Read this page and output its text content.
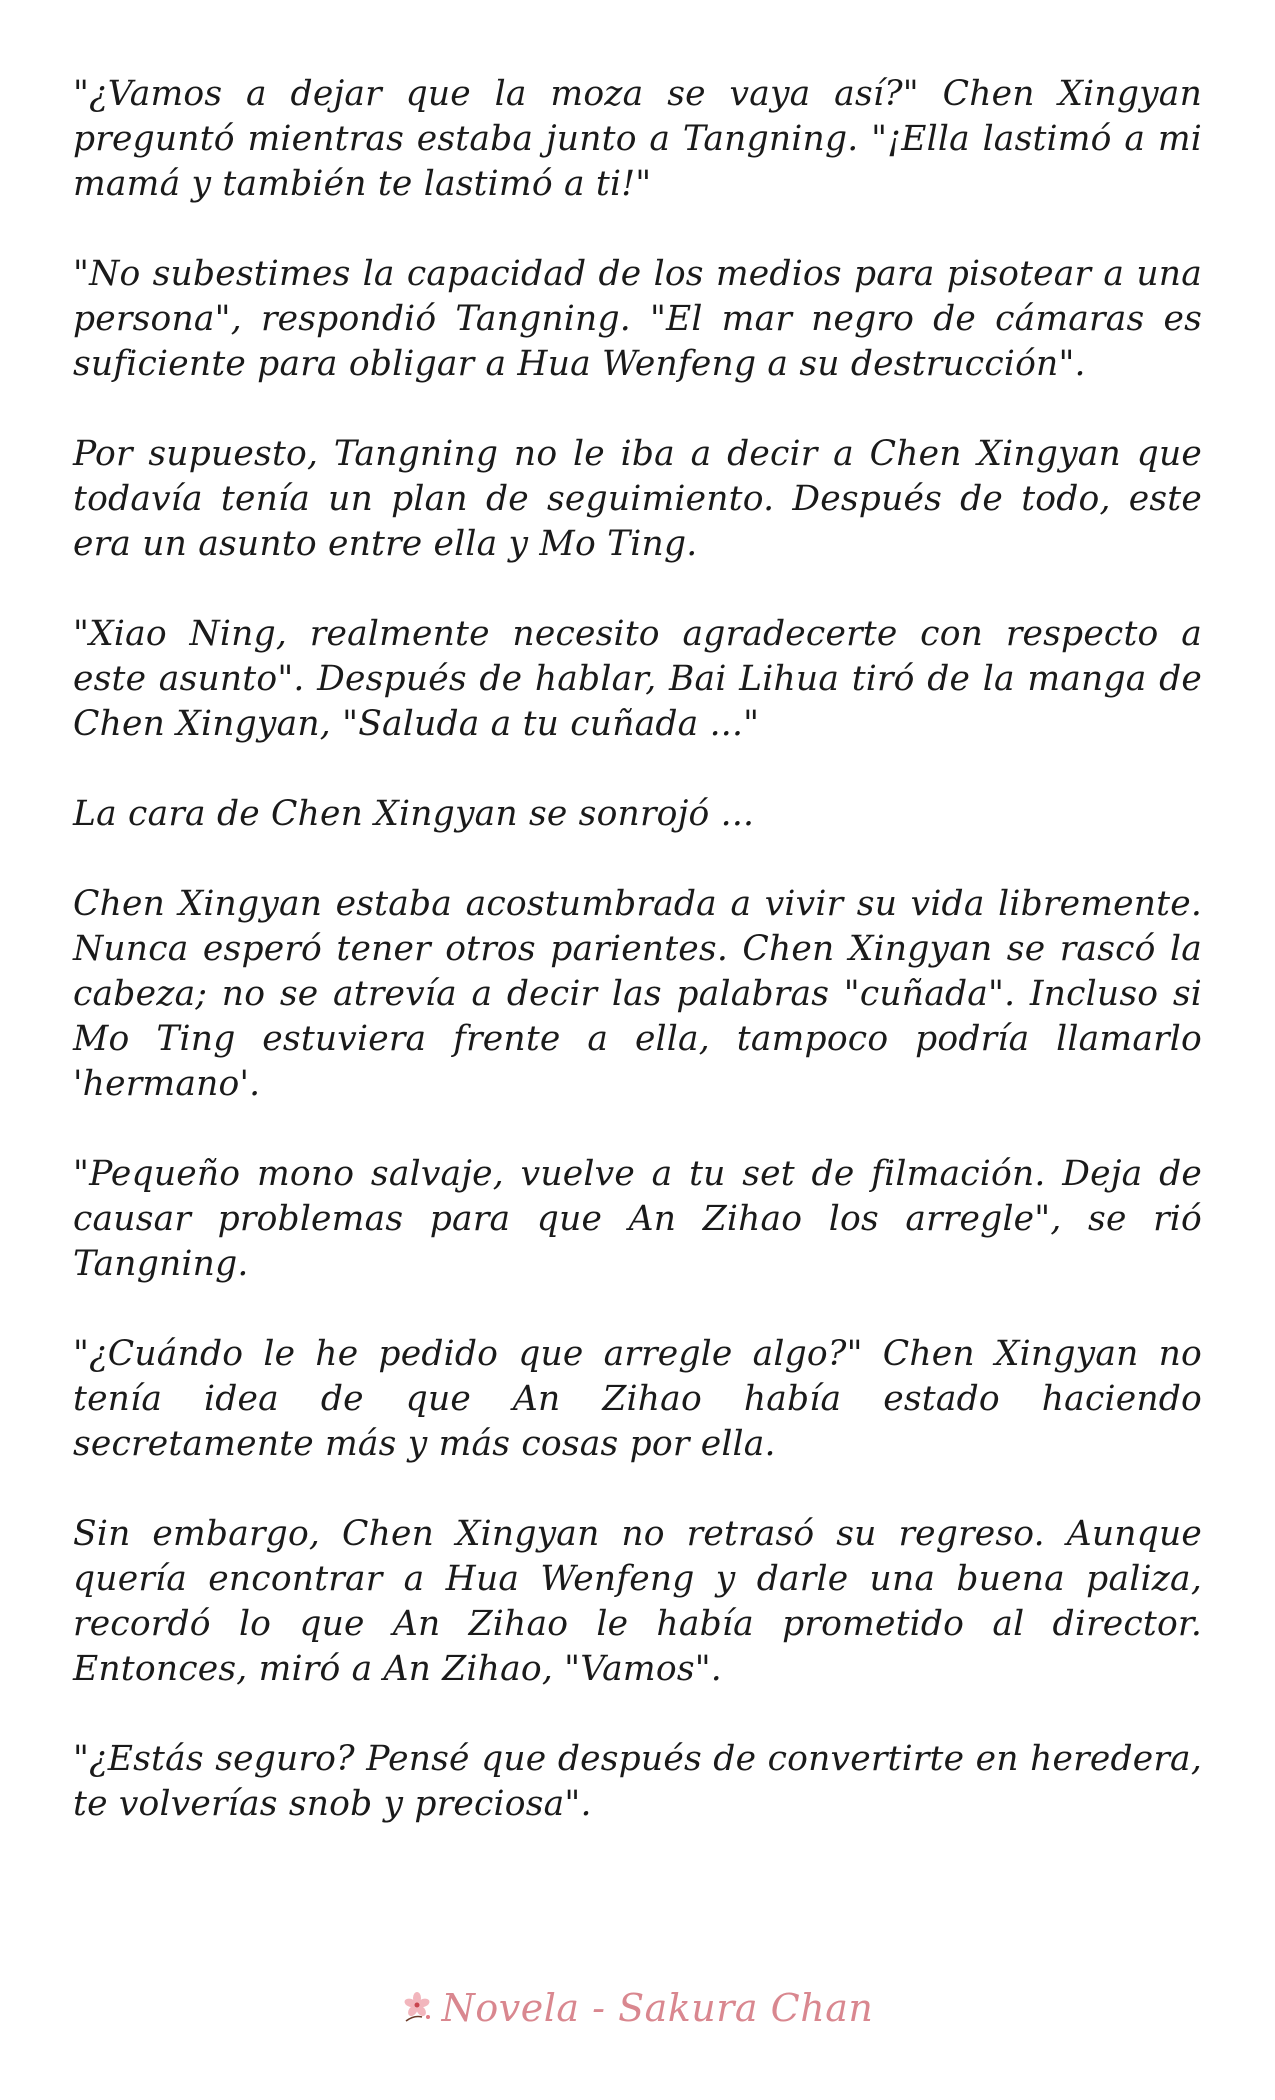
"¿Vamos a dejar que la moza se vaya así?" Chen Xingyan preguntó mientras estaba junto a Tangning. "¡Ella lastimó a mi mamá y también te lastimó a ti!"

"No subestimes la capacidad de los medios para pisotear a una persona", respondió Tangning. "El mar negro de cámaras es suficiente para obligar a Hua Wenfeng a su destrucción".

Por supuesto, Tangning no le iba a decir a Chen Xingyan que todavía tenía un plan de seguimiento. Después de todo, este era un asunto entre ella y Mo Ting.

"Xiao Ning, realmente necesito agradecerte con respecto a este asunto". Después de hablar, Bai Lihua tiró de la manga de Chen Xingyan, "Saluda a tu cuñada ..."

La cara de Chen Xingyan se sonrojó ...

Chen Xingyan estaba acostumbrada a vivir su vida libremente. Nunca esperó tener otros parientes. Chen Xingyan se rascó la cabeza; no se atrevía a decir las palabras "cuñada". Incluso si Mo Ting estuviera frente a ella, tampoco podría llamarlo 'hermano'.

"Pequeño mono salvaje, vuelve a tu set de filmación. Deja de causar problemas para que An Zihao los arregle", se rió Tangning.

"¿Cuándo le he pedido que arregle algo?" Chen Xingyan no tenía idea de que An Zihao había estado haciendo secretamente más y más cosas por ella.

Sin embargo, Chen Xingyan no retrasó su regreso. Aunque quería encontrar a Hua Wenfeng y darle una buena paliza, recordó lo que An Zihao le había prometido al director. Entonces, miró a An Zihao, "Vamos".

"¿Estás seguro? Pensé que después de convertirte en heredera, te volverías snob y preciosa".

Novela - Sakura Chan
